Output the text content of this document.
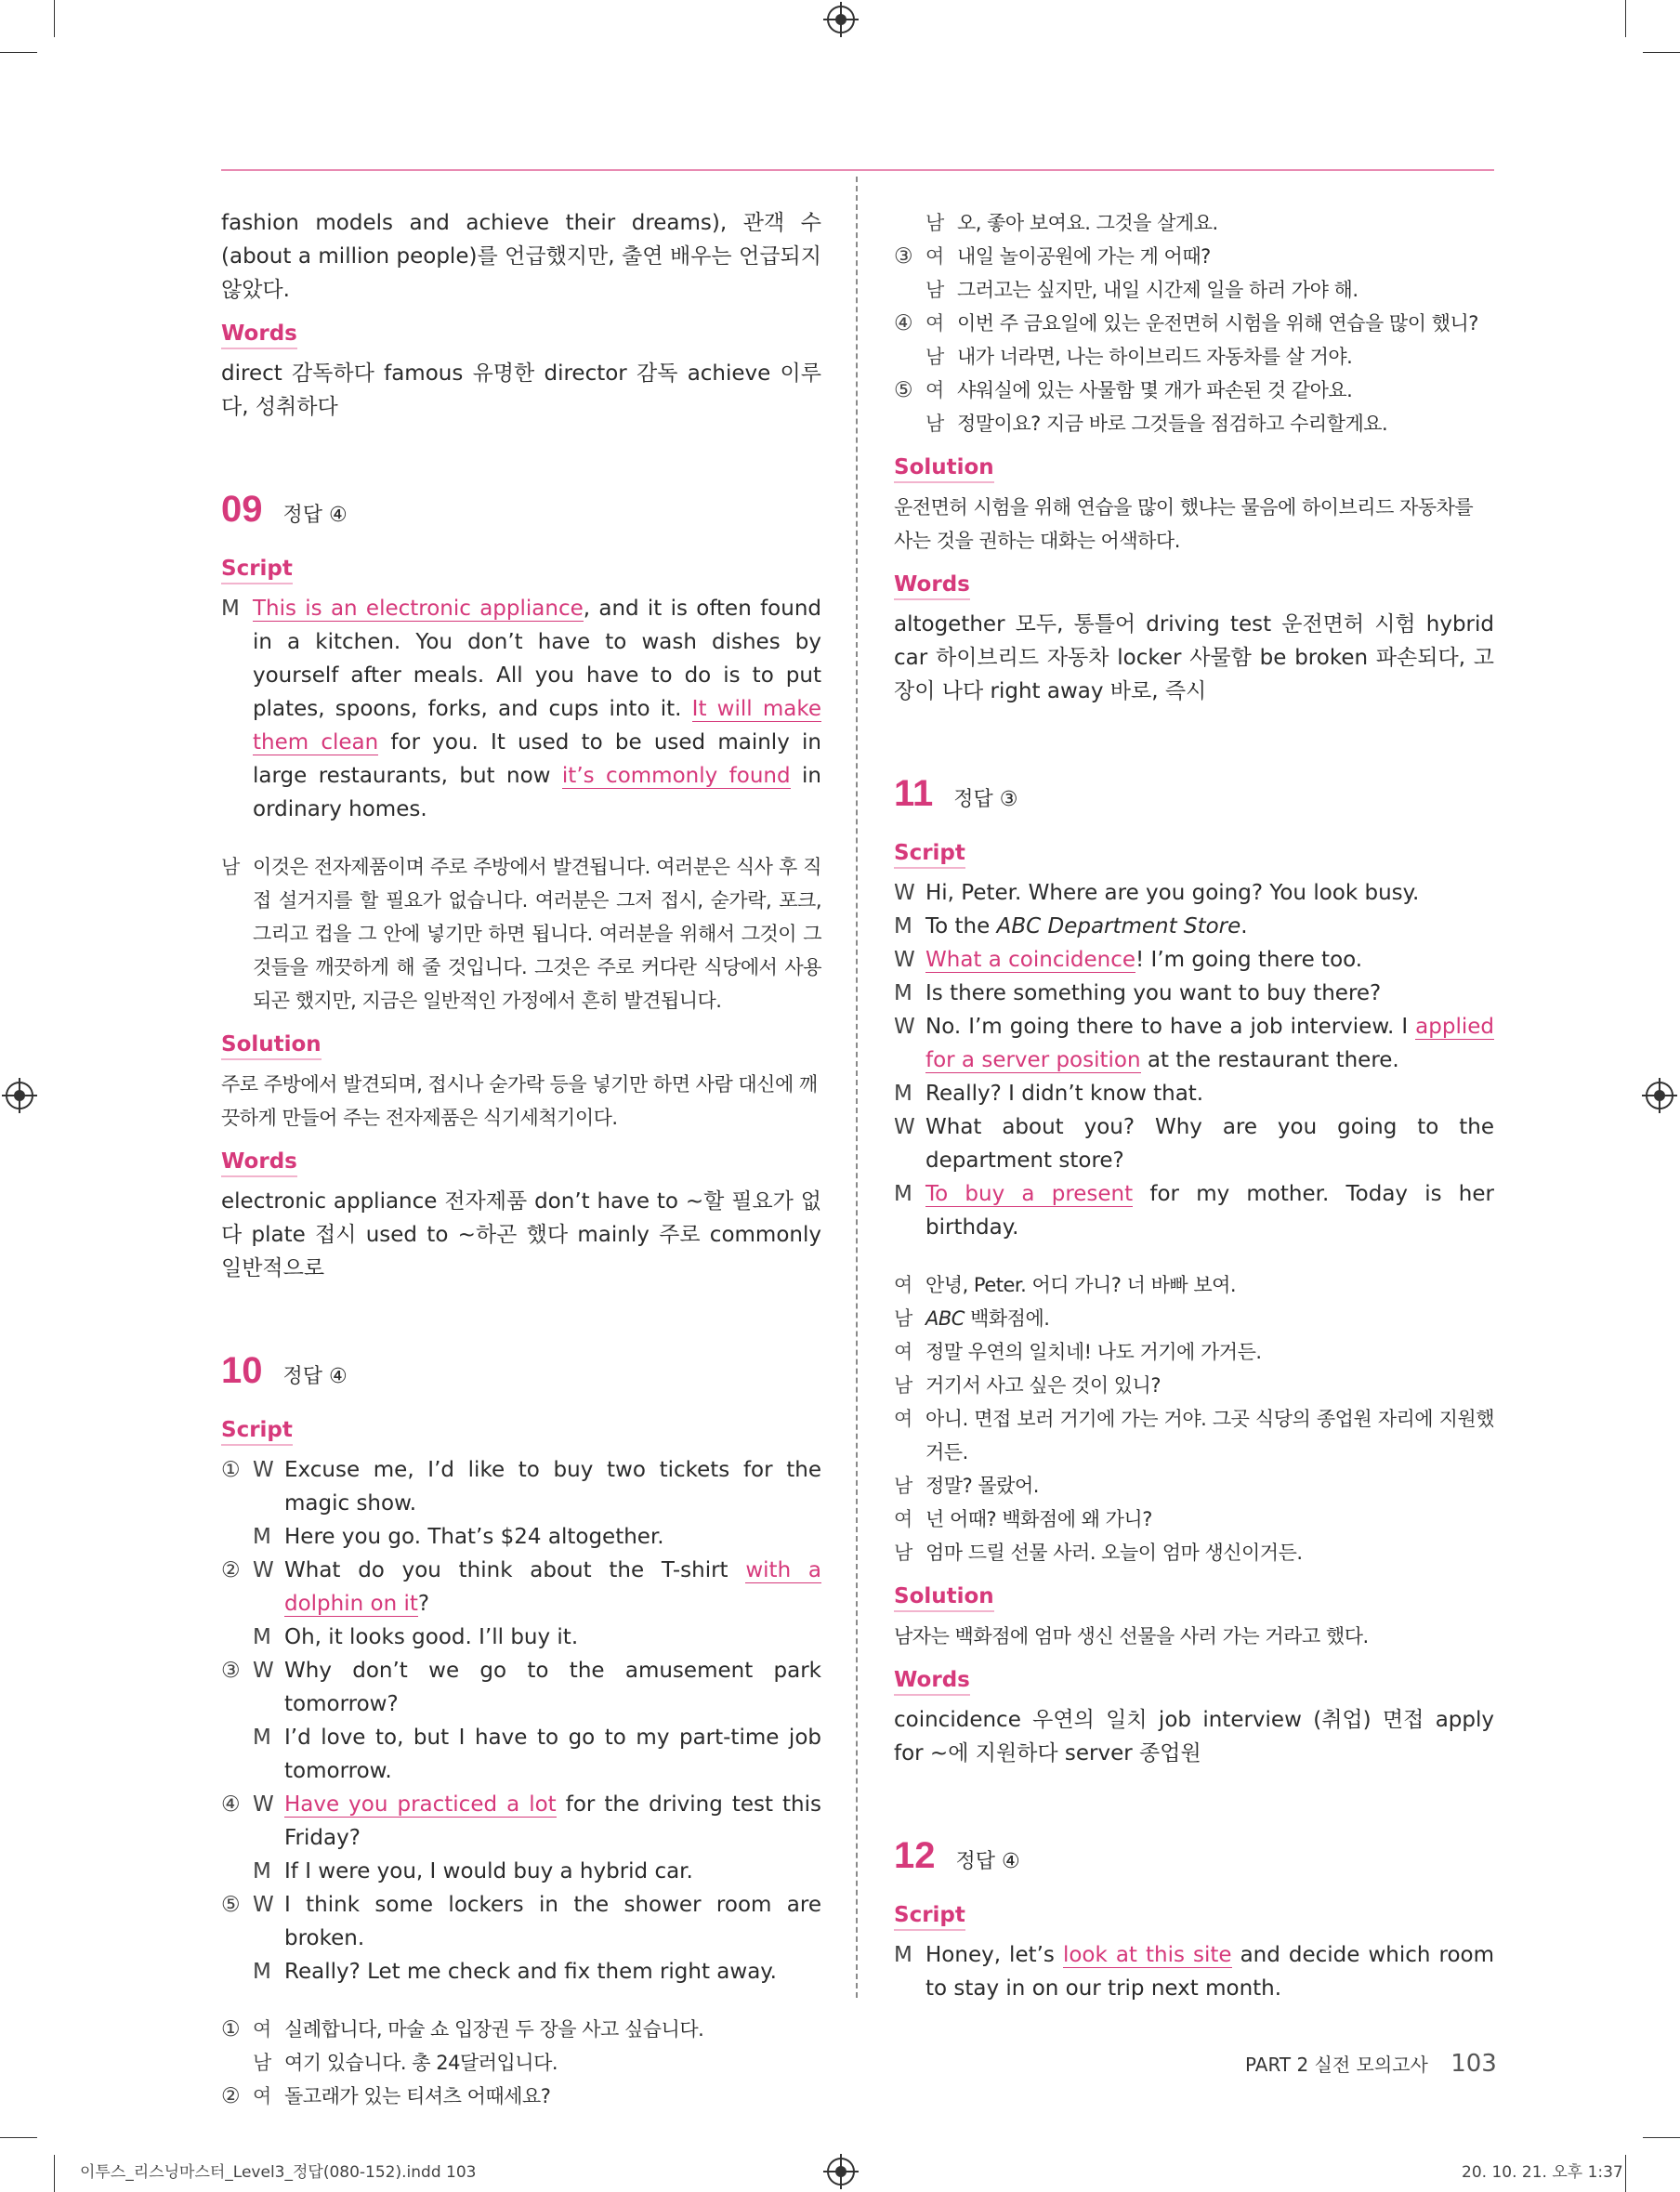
fashion models and achieve their dreams), 관객 수(about a million people)를 언급했지만, 출연 배우는 언급되지 않았다.

Words

direct 감독하다 famous 유명한 director 감독 achieve 이루다, 성취하다

09 정답 ④
Script
M This is an electronic appliance, and it is often found in a kitchen. You don’t have to wash dishes by yourself after meals. All you have to do is to put plates, spoons, forks, and cups into it. It will make them clean for you. It used to be used mainly in large restaurants, but now it’s commonly found in ordinary homes.
남 이것은 전자제품이며 주로 주방에서 발견됩니다. 여러분은 식사 후 직접 설거지를 할 필요가 없습니다. 여러분은 그저 접시, 숟가락, 포크, 그리고 컵을 그 안에 넣기만 하면 됩니다. 여러분을 위해서 그것이 그것들을 깨끗하게 해 줄 것입니다. 그것은 주로 커다란 식당에서 사용되곤 했지만, 지금은 일반적인 가정에서 흔히 발견됩니다.
Solution

주로 주방에서 발견되며, 접시나 숟가락 등을 넣기만 하면 사람 대신에 깨끗하게 만들어 주는 전자제품은 식기세척기이다.

Words

electronic appliance 전자제품 don’t have to ~할 필요가 없다 plate 접시 used to ~하곤 했다 mainly 주로 commonly 일반적으로

10 정답 ④
Script
① W Excuse me, I’d like to buy two tickets for the magic show.
M Here you go. That’s $24 altogether.
② W What do you think about the T-shirt with a dolphin on it?
M Oh, it looks good. I’ll buy it.
③ W Why don’t we go to the amusement park tomorrow?
M I’d love to, but I have to go to my part-time job tomorrow.
④ W Have you practiced a lot for the driving test this Friday?
M If I were you, I would buy a hybrid car.
⑤ W I think some lockers in the shower room are broken.
M Really? Let me check and fix them right away.
① 여 실례합니다, 마술 쇼 입장권 두 장을 사고 싶습니다.
남 여기 있습니다. 총 24달러입니다.
② 여 돌고래가 있는 티셔츠 어때세요?
남 오, 좋아 보여요. 그것을 살게요.
③ 여 내일 놀이공원에 가는 게 어때?
남 그러고는 싶지만, 내일 시간제 일을 하러 가야 해.
④ 여 이번 주 금요일에 있는 운전면허 시험을 위해 연습을 많이 했니?
남 내가 너라면, 나는 하이브리드 자동차를 살 거야.
⑤ 여 샤워실에 있는 사물함 몇 개가 파손된 것 같아요.
남 정말이요? 지금 바로 그것들을 점검하고 수리할게요.
Solution

운전면허 시험을 위해 연습을 많이 했냐는 물음에 하이브리드 자동차를 사는 것을 권하는 대화는 어색하다.

Words

altogether 모두, 통틀어 driving test 운전면허 시험 hybrid car 하이브리드 자동차 locker 사물함 be broken 파손되다, 고장이 나다 right away 바로, 즉시

11 정답 ③
Script
W Hi, Peter. Where are you going? You look busy.
M To the ABC Department Store.
W What a coincidence! I’m going there too.
M Is there something you want to buy there?
W No. I’m going there to have a job interview. I applied for a server position at the restaurant there.
M Really? I didn’t know that.
W What about you? Why are you going to the department store?
M To buy a present for my mother. Today is her birthday.
여 안녕, Peter. 어디 가니? 너 바빠 보여.
남 ABC 백화점에.
여 정말 우연의 일치네! 나도 거기에 가거든.
남 거기서 사고 싶은 것이 있니?
여 아니. 면접 보러 거기에 가는 거야. 그곳 식당의 종업원 자리에 지원했거든.
남 정말? 몰랐어.
여 넌 어때? 백화점에 왜 가니?
남 엄마 드릴 선물 사러. 오늘이 엄마 생신이거든.
Solution

남자는 백화점에 엄마 생신 선물을 사러 가는 거라고 했다.

Words

coincidence 우연의 일치 job interview (취업) 면접 apply for ~에 지원하다 server 종업원

12 정답 ④
Script
M Honey, let’s look at this site and decide which room to stay in on our trip next month.
PART 2 실전 모의고사 103
이투스_리스닝마스터_Level3_정답(080-152).indd 103	20. 10. 21. 오후 1:37
